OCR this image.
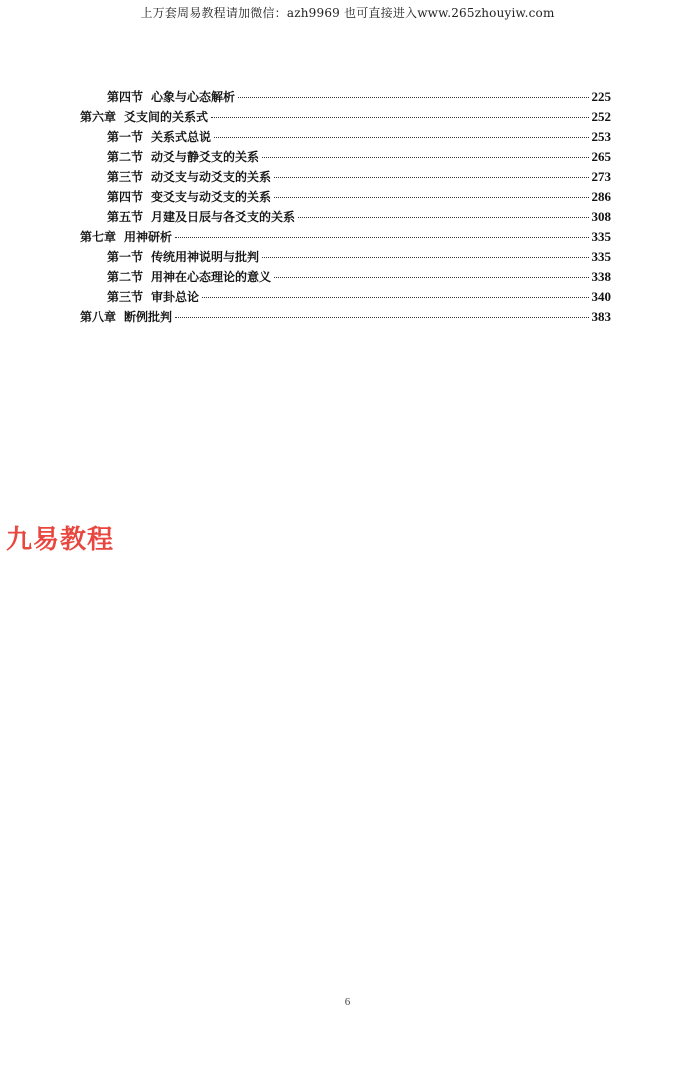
上万套周易教程请加微信：azh9969 也可直接进入www.265zhouyiw.com
第四节 心象与心态解析	225
第六章 爻支间的关系式	252
第一节 关系式总说	253
第二节 动爻与静爻支的关系	265
第三节 动爻支与动爻支的关系	273
第四节 变爻支与动爻支的关系	286
第五节 月建及日辰与各爻支的关系	308
第七章 用神研析	335
第一节 传统用神说明与批判	335
第二节 用神在心态理论的意义	338
第三节 审卦总论	340
第八章 断例批判	383
九易教程
6
